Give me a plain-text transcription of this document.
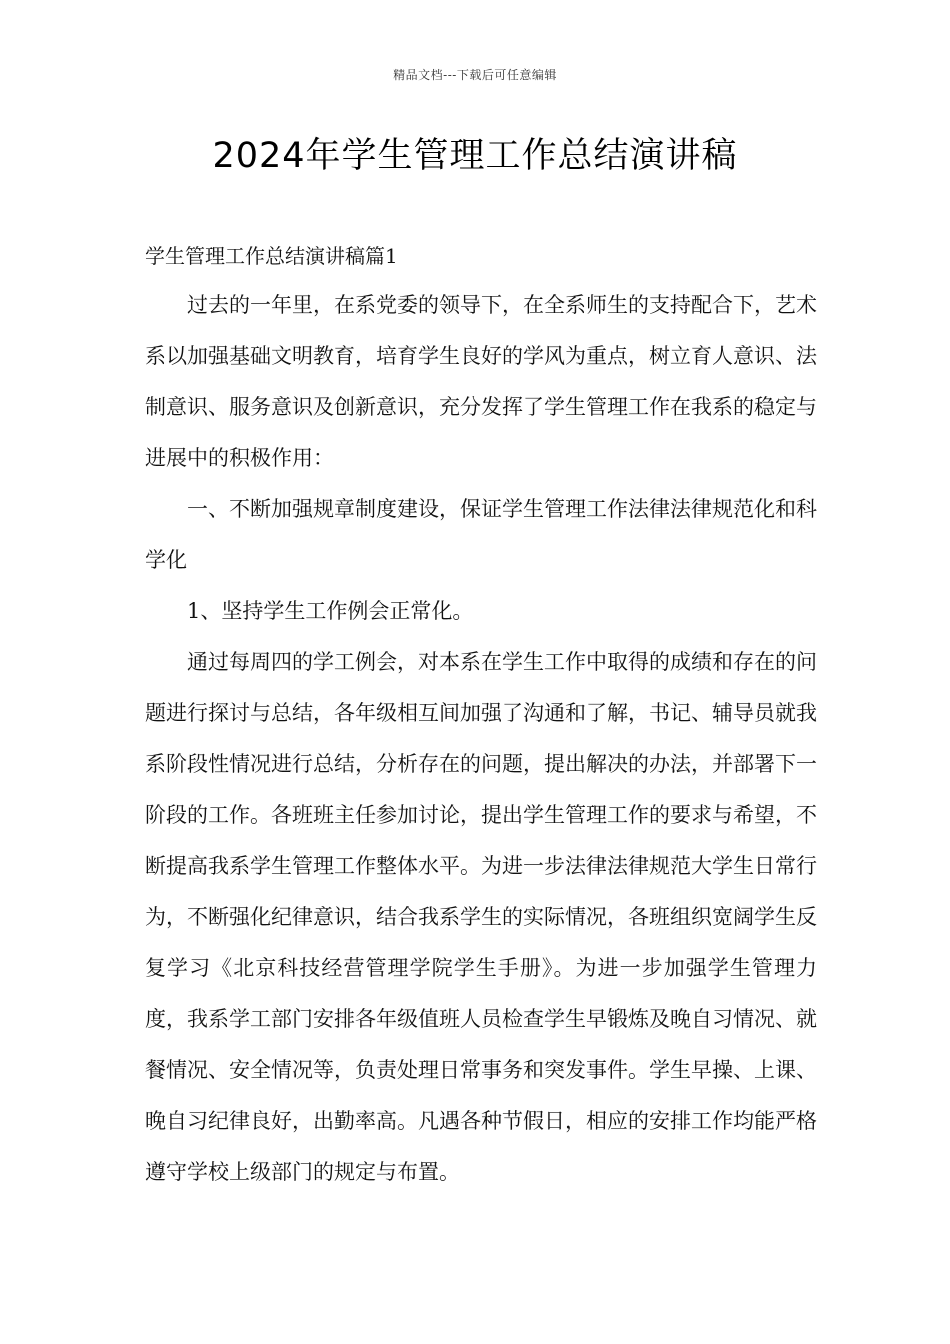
精品文档---下载后可任意编辑
2024年学生管理工作总结演讲稿
学生管理工作总结演讲稿篇1

过去的一年里，在系党委的领导下，在全系师生的支持配合下，艺术系以加强基础文明教育，培育学生良好的学风为重点，树立育人意识、法制意识、服务意识及创新意识，充分发挥了学生管理工作在我系的稳定与进展中的积极作用：

一、不断加强规章制度建设，保证学生管理工作法律法律规范化和科学化

1、坚持学生工作例会正常化。

通过每周四的学工例会，对本系在学生工作中取得的成绩和存在的问题进行探讨与总结，各年级相互间加强了沟通和了解，书记、辅导员就我系阶段性情况进行总结，分析存在的问题，提出解决的办法，并部署下一阶段的工作。各班班主任参加讨论，提出学生管理工作的要求与希望，不断提高我系学生管理工作整体水平。为进一步法律法律规范大学生日常行为，不断强化纪律意识，结合我系学生的实际情况，各班组织宽阔学生反复学习《北京科技经营管理学院学生手册》。为进一步加强学生管理力度，我系学工部门安排各年级值班人员检查学生早锻炼及晚自习情况、就餐情况、安全情况等，负责处理日常事务和突发事件。学生早操、上课、晚自习纪律良好，出勤率高。凡遇各种节假日，相应的安排工作均能严格遵守学校上级部门的规定与布置。
